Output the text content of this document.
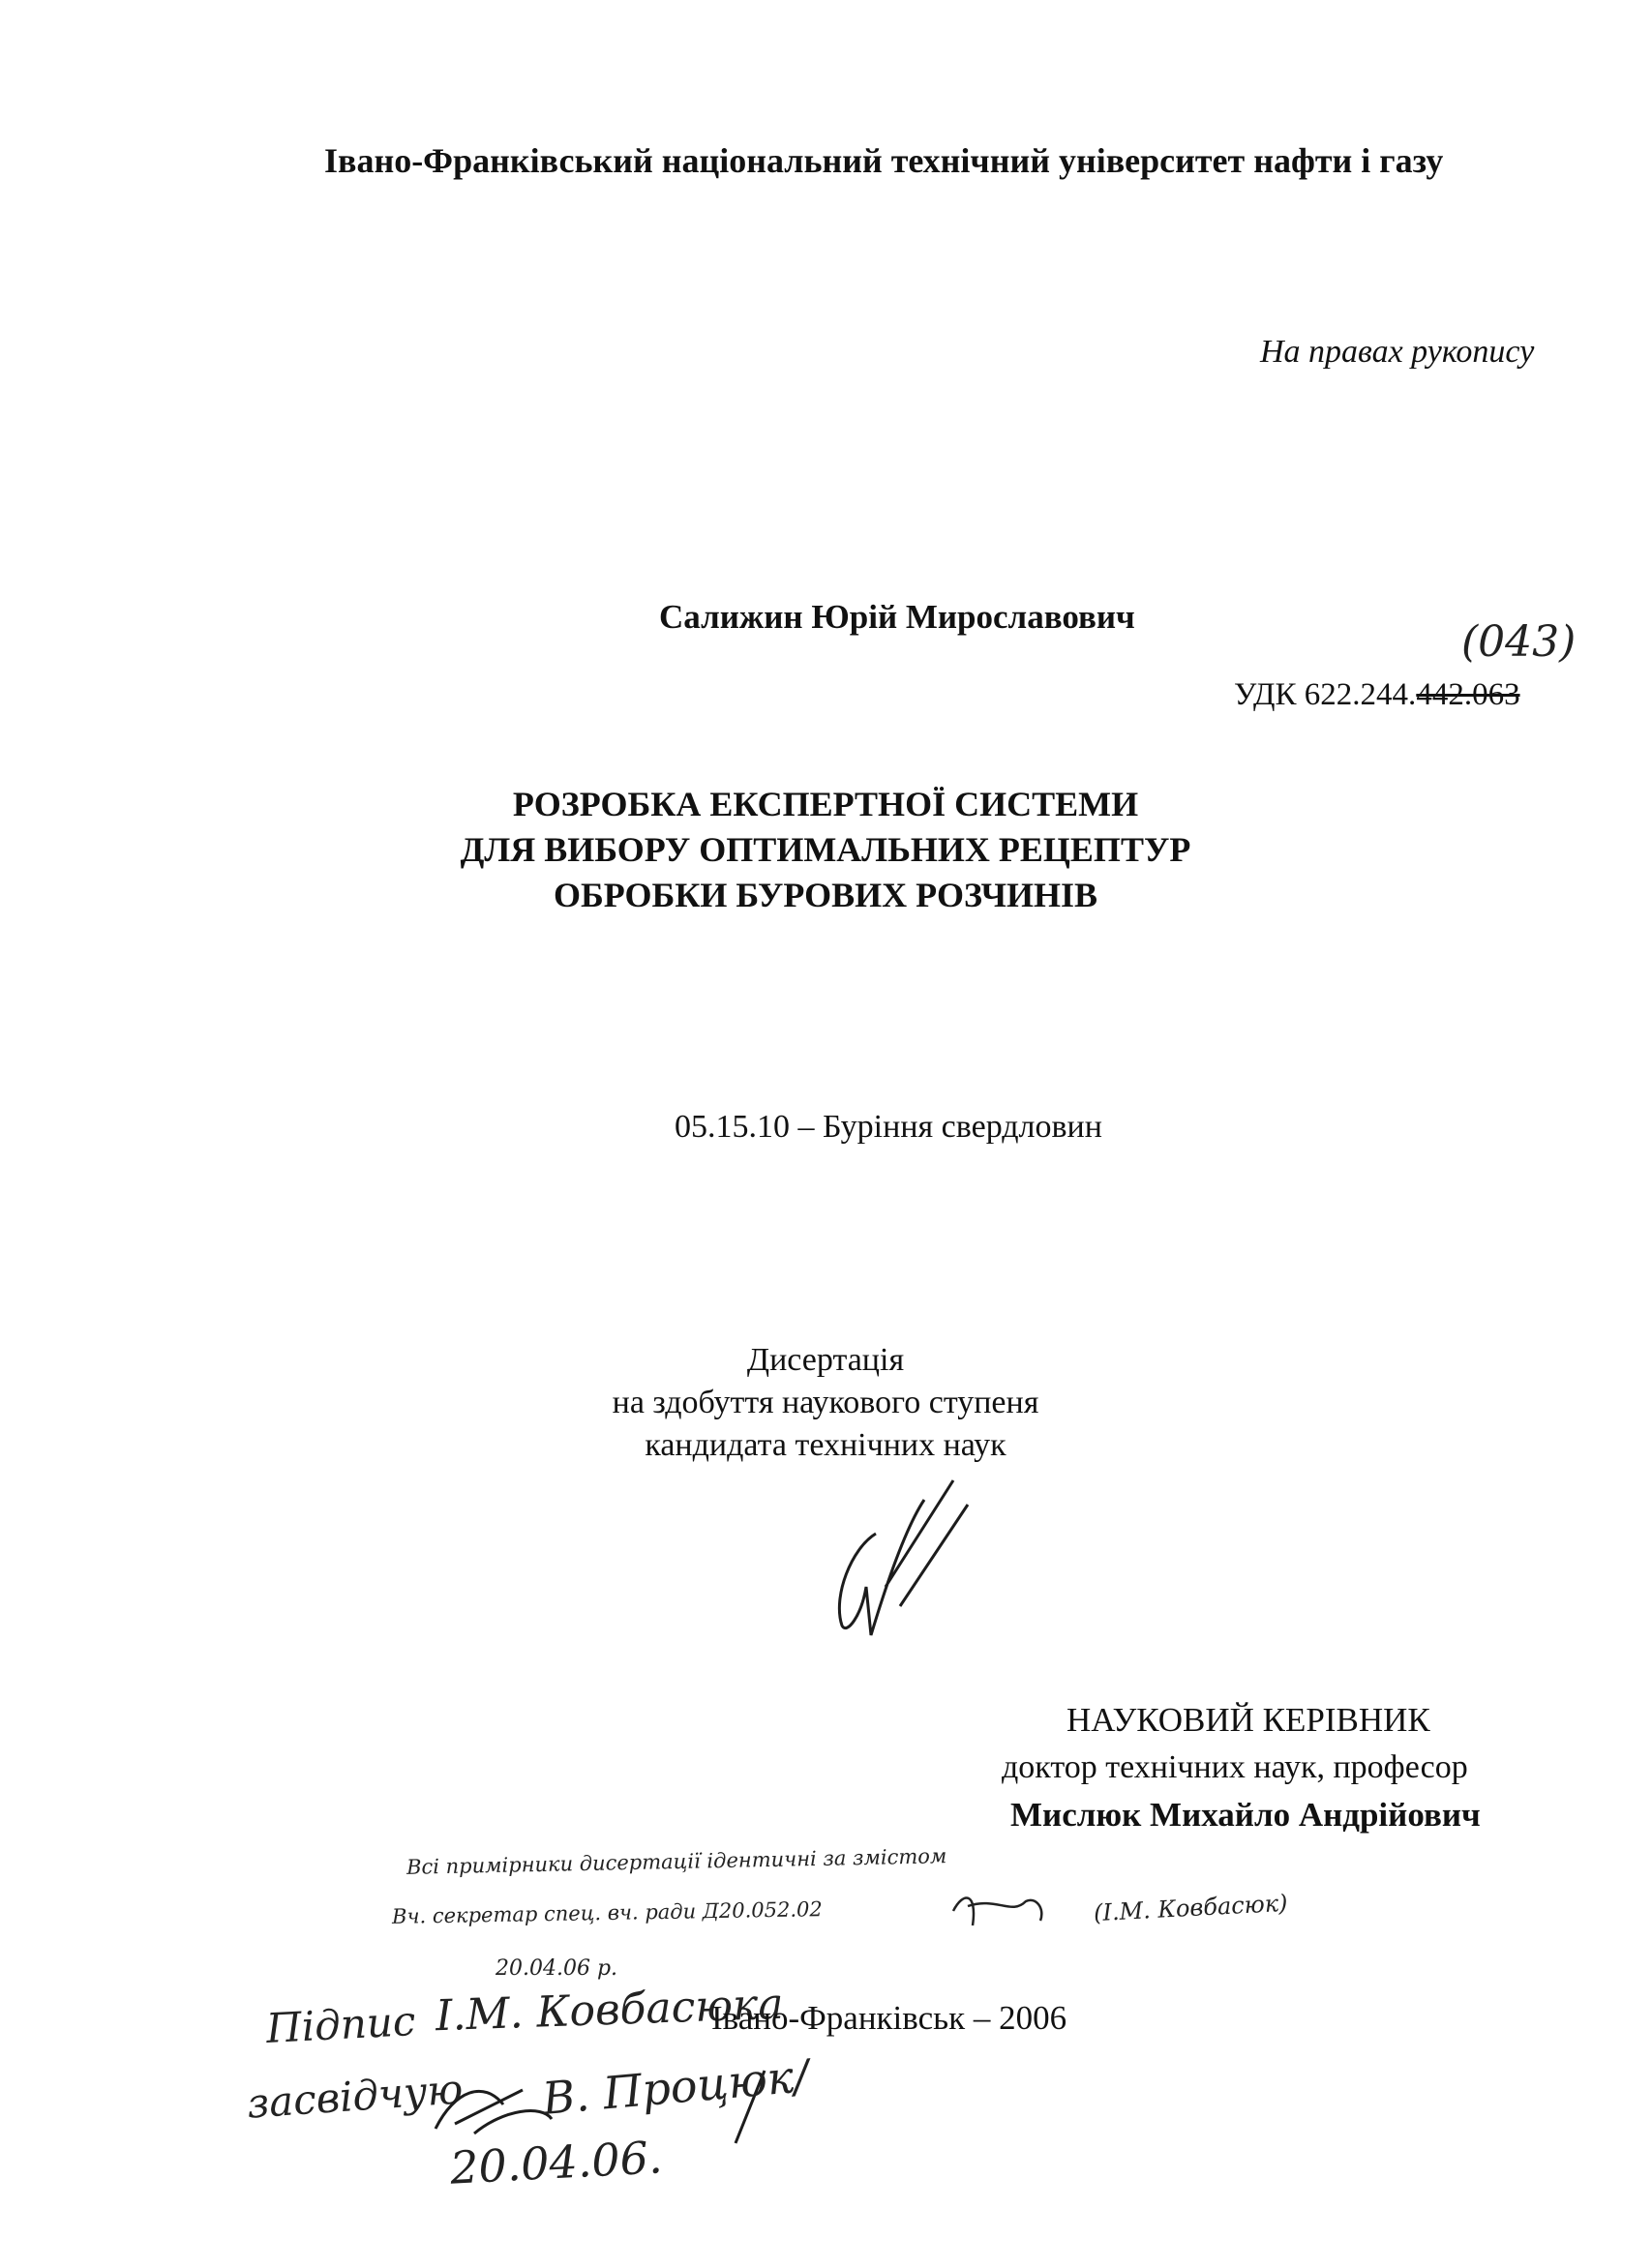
Івано-Франківський національний технічний університет нафти і газу
На правах рукопису
Салижин Юрій Мирославович
УДК 622.244.442.063
(043)
РОЗРОБКА ЕКСПЕРТНОЇ СИСТЕМИ
ДЛЯ ВИБОРУ ОПТИМАЛЬНИХ РЕЦЕПТУР
ОБРОБКИ БУРОВИХ РОЗЧИНІВ
05.15.10 – Буріння свердловин
Дисертація
на здобуття наукового ступеня
кандидата технічних наук
НАУКОВИЙ КЕРІВНИК
доктор технічних наук, професор
Мислюк Михайло Андрійович
Всі примірники дисертації ідентичні за змістом
Вч. секретар спец. вч. ради Д20.052.02	(І.М. Ковбасюк)
20.04.06 р.
Підпис І.М. Ковбасюка
Івано-Франківськ – 2006
засвідчую В. Процюк/
20.04.06.
